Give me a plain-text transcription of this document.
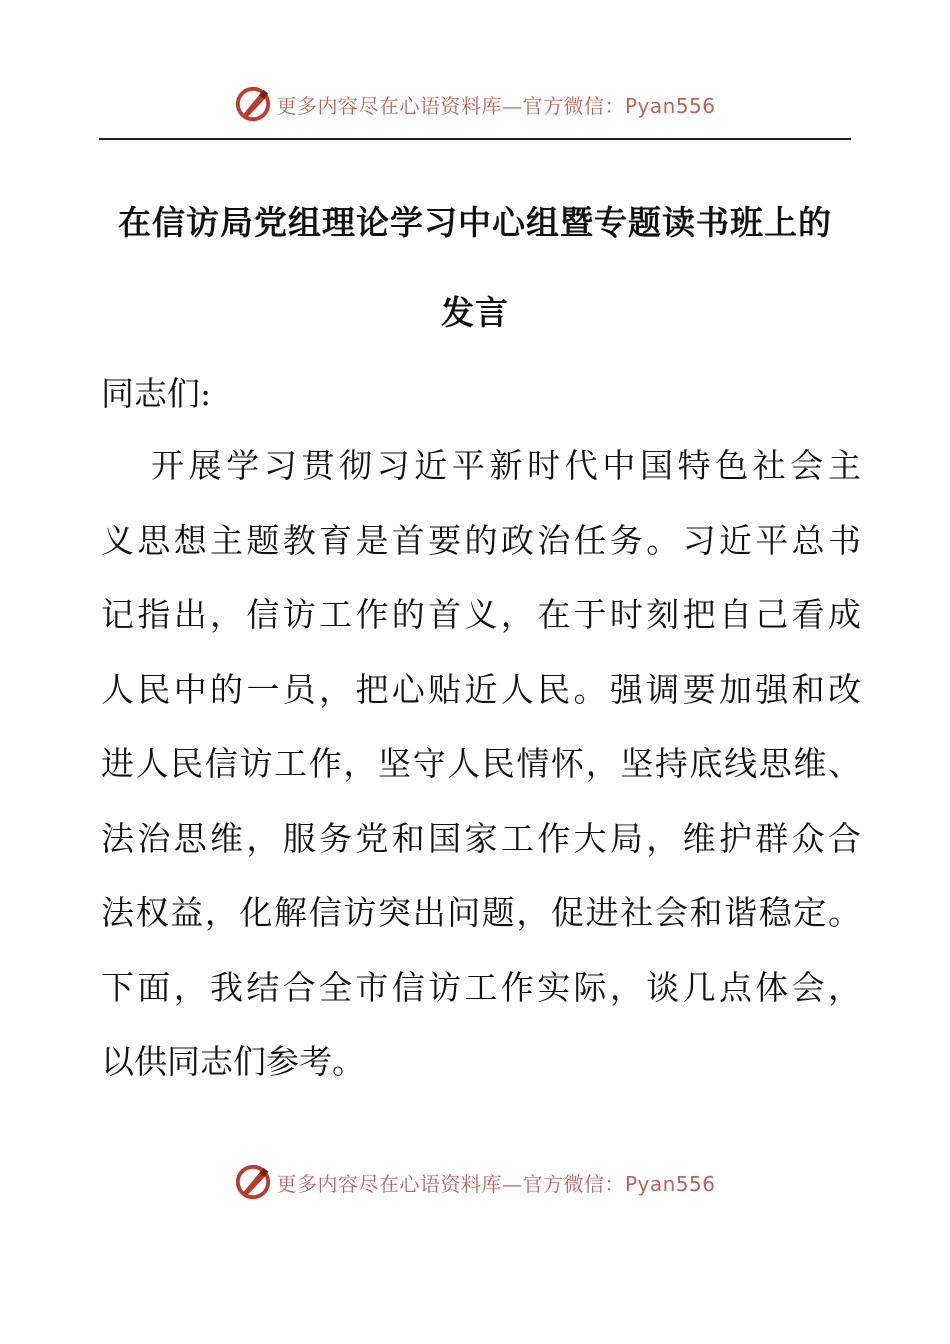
更多内容尽在心语资料库—官方微信：Pyan556
在信访局党组理论学习中心组暨专题读书班上的
发言
同志们:
开展学习贯彻习近平新时代中国特色社会主
义思想主题教育是首要的政治任务。习近平总书
记指出，信访工作的首义，在于时刻把自己看成
人民中的一员，把心贴近人民。强调要加强和改
进人民信访工作，坚守人民情怀，坚持底线思维、
法治思维，服务党和国家工作大局，维护群众合
法权益，化解信访突出问题，促进社会和谐稳定。
下面，我结合全市信访工作实际，谈几点体会，
以供同志们参考。
更多内容尽在心语资料库—官方微信：Pyan556
